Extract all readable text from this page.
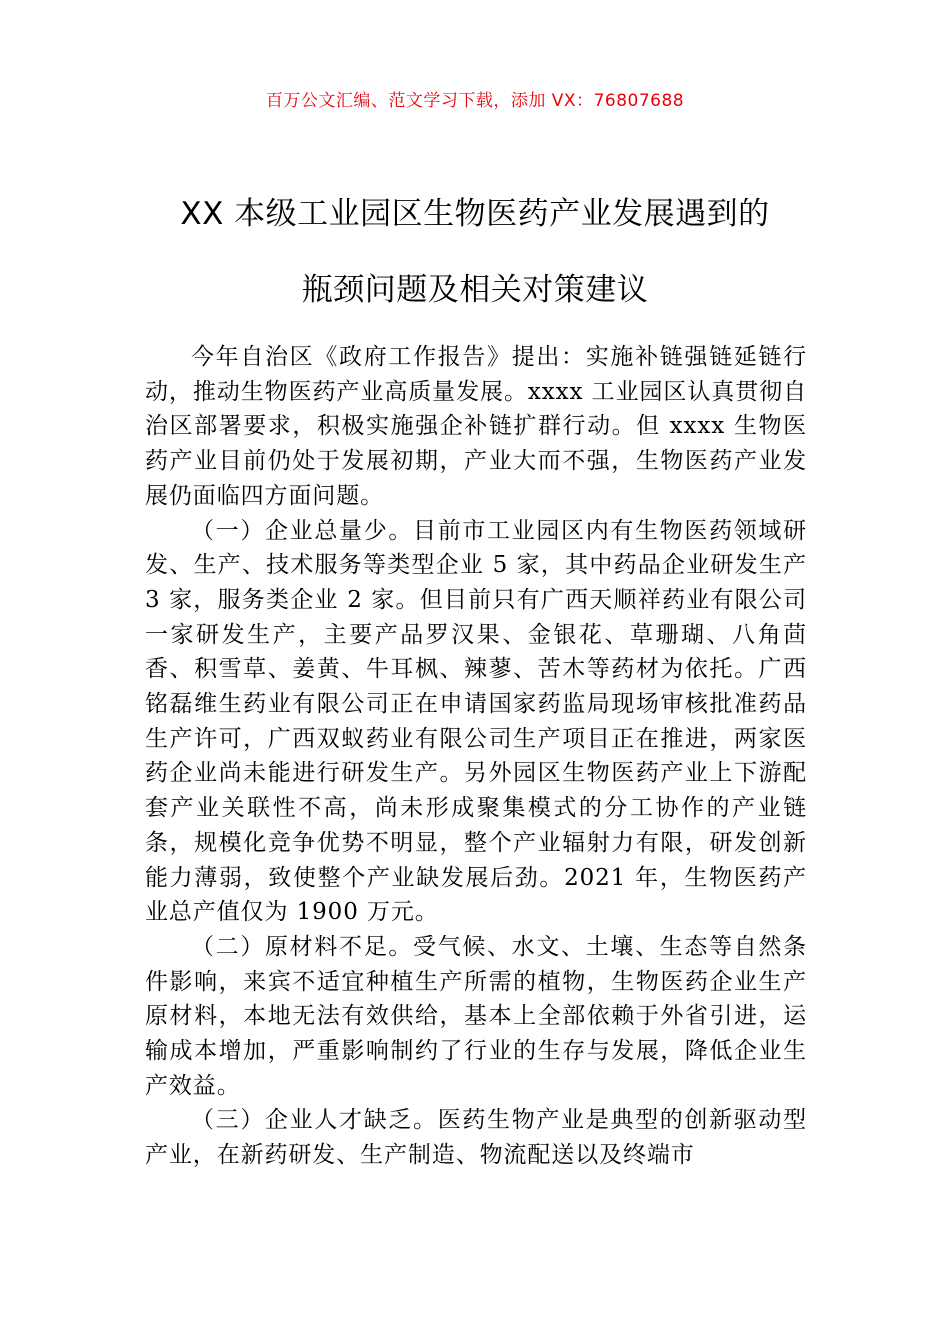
百万公文汇编、范文学习下载，添加 VX：76807688
XX 本级工业园区生物医药产业发展遇到的
瓶颈问题及相关对策建议

今年自治区《政府工作报告》提出：实施补链强链延链行动，推动生物医药产业高质量发展。xxxx 工业园区认真贯彻自治区部署要求，积极实施强企补链扩群行动。但 xxxx 生物医药产业目前仍处于发展初期，产业大而不强，生物医药产业发展仍面临四方面问题。

（一）企业总量少。目前市工业园区内有生物医药领域研发、生产、技术服务等类型企业 5 家，其中药品企业研发生产 3 家，服务类企业 2 家。但目前只有广西天顺祥药业有限公司一家研发生产，主要产品罗汉果、金银花、草珊瑚、八角茴香、积雪草、姜黄、牛耳枫、辣蓼、苦木等药材为依托。广西铭磊维生药业有限公司正在申请国家药监局现场审核批准药品生产许可，广西双蚁药业有限公司生产项目正在推进，两家医药企业尚未能进行研发生产。另外园区生物医药产业上下游配套产业关联性不高，尚未形成聚集模式的分工协作的产业链条，规模化竞争优势不明显，整个产业辐射力有限，研发创新能力薄弱，致使整个产业缺发展后劲。2021 年，生物医药产业总产值仅为 1900 万元。

（二）原材料不足。受气候、水文、土壤、生态等自然条件影响，来宾不适宜种植生产所需的植物，生物医药企业生产原材料，本地无法有效供给，基本上全部依赖于外省引进，运输成本增加，严重影响制约了行业的生存与发展，降低企业生产效益。

（三）企业人才缺乏。医药生物产业是典型的创新驱动型产业，在新药研发、生产制造、物流配送以及终端市
